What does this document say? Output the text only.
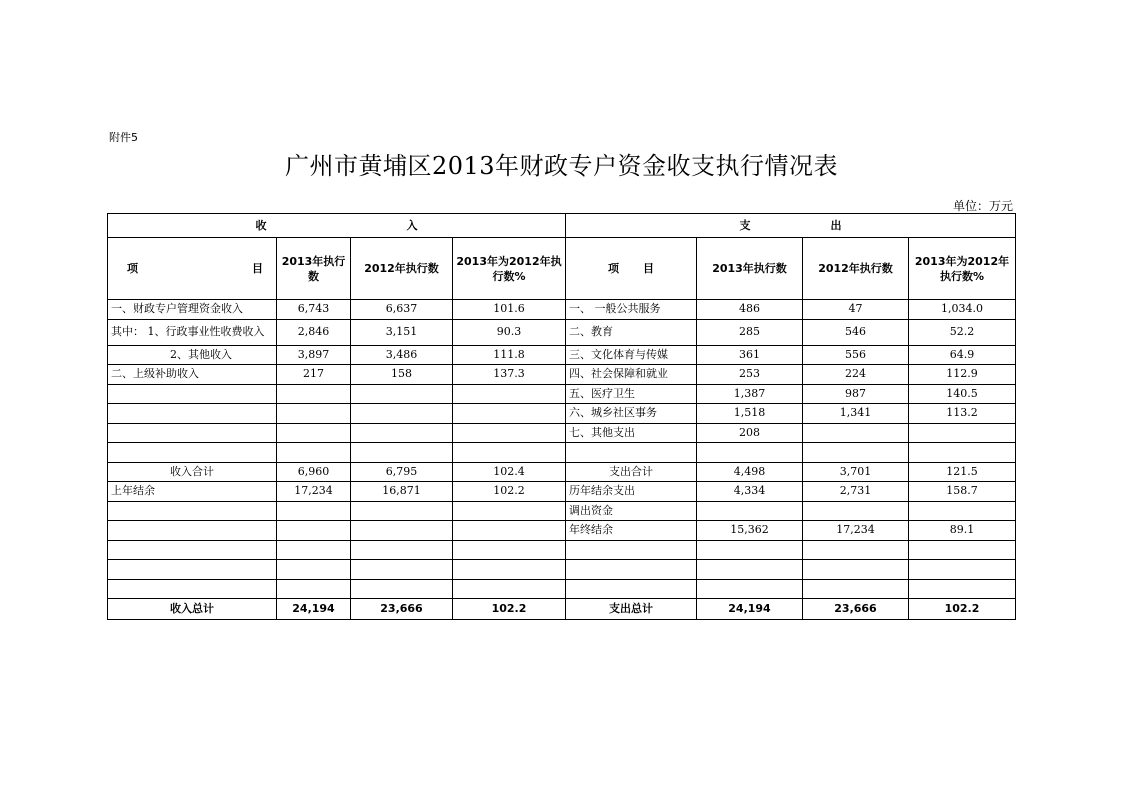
附件5
广州市黄埔区2013年财政专户资金收支执行情况表
单位：万元
收 入				支 出			

项 目	2013年执行数	2012年执行数	2013年为2012年执行数%	项 目	2013年执行数	2012年执行数	2013年为2012年执行数%
一、财政专户管理资金收入	6,743	6,637	101.6	一、 一般公共服务	486	47	1,034.0
其中： 1、行政事业性收费收入	2,846	3,151	90.3	二、教育	285	546	52.2
2、其他收入	3,897	3,486	111.8	三、文化体育与传媒	361	556	64.9
二、上级补助收入	217	158	137.3	四、社会保障和就业	253	224	112.9
				五、医疗卫生	1,387	987	140.5
				六、城乡社区事务	1,518	1,341	113.2
				七、其他支出	208		

收入合计	6,960	6,795	102.4	支出合计	4,498	3,701	121.5
上年结余	17,234	16,871	102.2	历年结余支出	4,334	2,731	158.7
				调出资金			
				年终结余	15,362	17,234	89.1

收入总计	24,194	23,666	102.2	支出总计	24,194	23,666	102.2
